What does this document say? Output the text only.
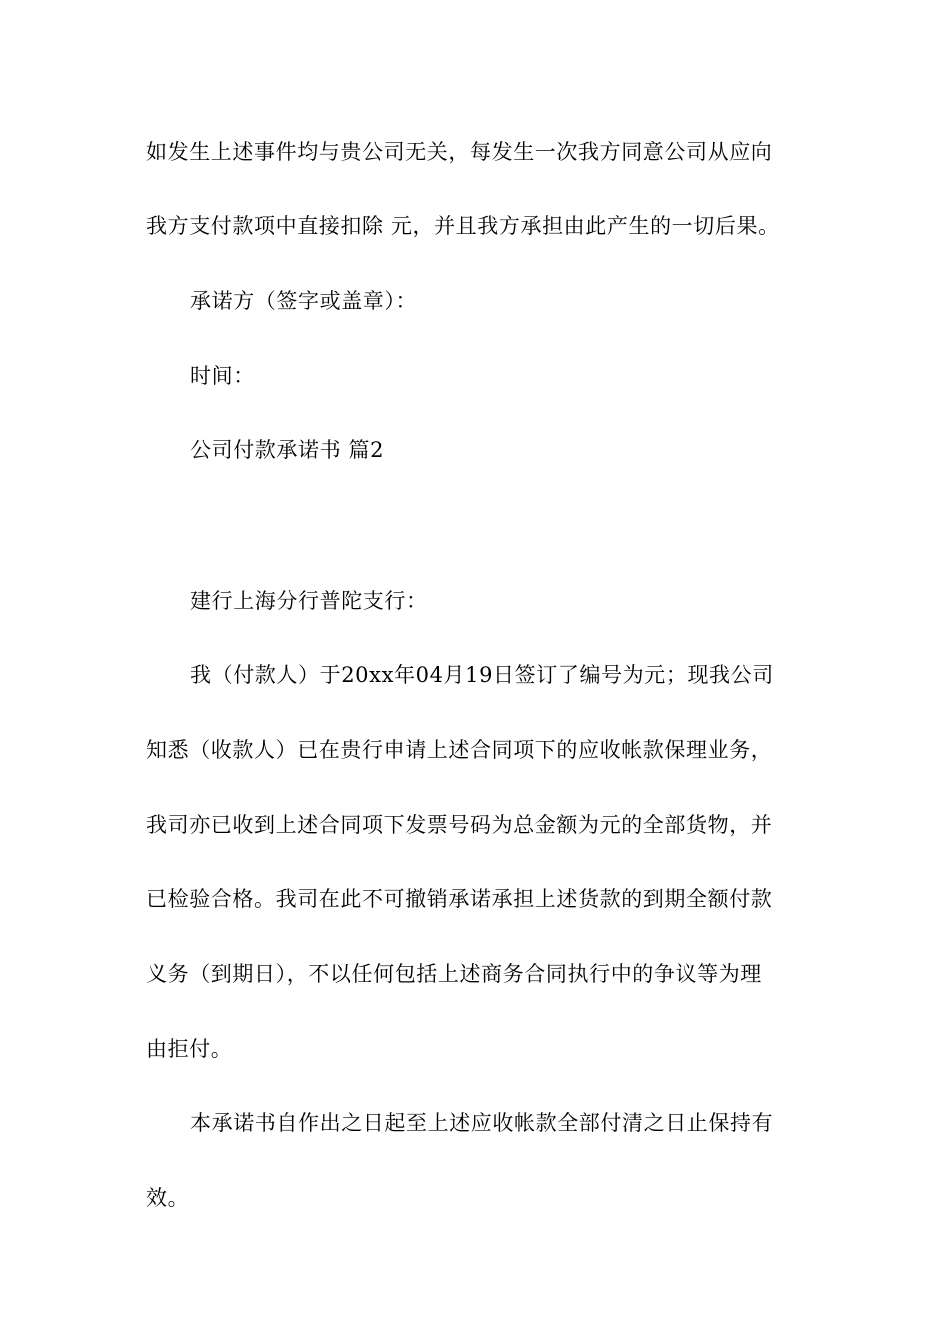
如发生上述事件均与贵公司无关，每发生一次我方同意公司从应向
我方支付款项中直接扣除 元，并且我方承担由此产生的一切后果。
承诺方（签字或盖章）：
时间：
公司付款承诺书 篇2
建行上海分行普陀支行：
我（付款人）于20xx年04月19日签订了编号为元；现我公司
知悉（收款人）已在贵行申请上述合同项下的应收帐款保理业务，
我司亦已收到上述合同项下发票号码为总金额为元的全部货物，并
已检验合格。我司在此不可撤销承诺承担上述货款的到期全额付款
义务（到期日），不以任何包括上述商务合同执行中的争议等为理
由拒付。
本承诺书自作出之日起至上述应收帐款全部付清之日止保持有
效。
